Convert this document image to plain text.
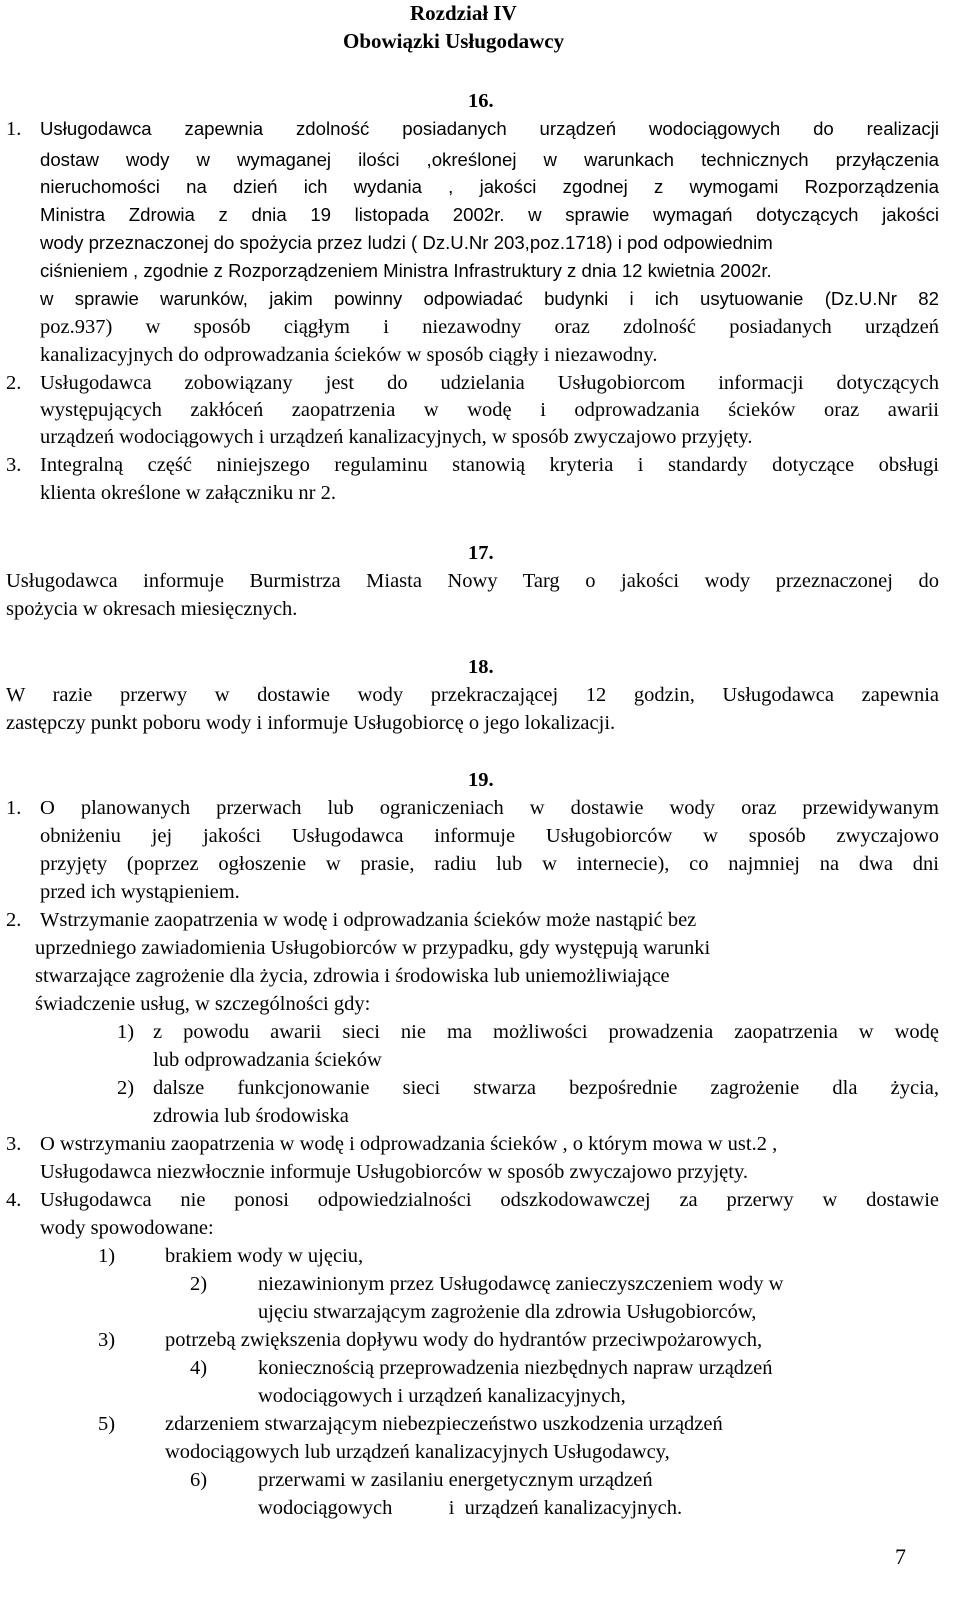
Rozdział IV
Obowiązki Usługodawcy
16.
1. Usługodawca zapewnia zdolność posiadanych urządzeń wodociągowych do realizacji
dostaw wody w wymaganej ilości ,określonej w warunkach technicznych przyłączenia
nieruchomości na dzień ich wydania , jakości zgodnej z wymogami Rozporządzenia
Ministra Zdrowia z dnia 19 listopada 2002r. w sprawie wymagań dotyczących jakości
wody przeznaczonej do spożycia przez ludzi ( Dz.U.Nr 203,poz.1718) i pod odpowiednim
ciśnieniem , zgodnie z Rozporządzeniem Ministra Infrastruktury z dnia 12 kwietnia 2002r.
w sprawie warunków, jakim powinny odpowiadać budynki i ich usytuowanie (Dz.U.Nr 82
poz.937) w sposób ciągłym i niezawodny oraz zdolność posiadanych urządzeń
kanalizacyjnych do odprowadzania ścieków w sposób ciągły i niezawodny.
2. Usługodawca zobowiązany jest do udzielania Usługobiorcom informacji dotyczących
występujących zakłóceń zaopatrzenia w wodę i odprowadzania ścieków oraz awarii
urządzeń wodociągowych i urządzeń kanalizacyjnych, w sposób zwyczajowo przyjęty.
3. Integralną część niniejszego regulaminu stanowią kryteria i standardy dotyczące obsługi
klienta określone w załączniku nr 2.
17.
Usługodawca informuje Burmistrza Miasta Nowy Targ o jakości wody przeznaczonej do
spożycia w okresach miesięcznych.
18.
W razie przerwy w dostawie wody przekraczającej 12 godzin, Usługodawca zapewnia
zastępczy punkt poboru wody i informuje Usługobiorcę o jego lokalizacji.
19.
1. O planowanych przerwach lub ograniczeniach w dostawie wody oraz przewidywanym
obniżeniu jej jakości Usługodawca informuje Usługobiorców w sposób zwyczajowo
przyjęty (poprzez ogłoszenie w prasie, radiu lub w internecie), co najmniej na dwa dni
przed ich wystąpieniem.
2. Wstrzymanie zaopatrzenia w wodę i odprowadzania ścieków może nastąpić bez
uprzedniego zawiadomienia Usługobiorców w przypadku, gdy występują warunki
stwarzające zagrożenie dla życia, zdrowia i środowiska lub uniemożliwiające
świadczenie usług, w szczególności gdy:
1) z powodu awarii sieci nie ma możliwości prowadzenia zaopatrzenia w wodę
lub odprowadzania ścieków
2) dalsze funkcjonowanie sieci stwarza bezpośrednie zagrożenie dla życia,
zdrowia lub środowiska
3. O wstrzymaniu zaopatrzenia w wodę i odprowadzania ścieków , o którym mowa w ust.2 ,
Usługodawca niezwłocznie informuje Usługobiorców w sposób zwyczajowo przyjęty.
4. Usługodawca nie ponosi odpowiedzialności odszkodowawczej za przerwy w dostawie
wody spowodowane:
1) brakiem wody w ujęciu,
2) niezawinionym przez Usługodawcę zanieczyszczeniem wody w
ujęciu stwarzającym zagrożenie dla zdrowia Usługobiorców,
3) potrzebą zwiększenia dopływu wody do hydrantów przeciwpożarowych,
4) koniecznością przeprowadzenia niezbędnych napraw urządzeń
wodociągowych i urządzeń kanalizacyjnych,
5) zdarzeniem stwarzającym niebezpieczeństwo uszkodzenia urządzeń
wodociągowych lub urządzeń kanalizacyjnych Usługodawcy,
6) przerwami w zasilaniu energetycznym urządzeń
wodociągowych           i  urządzeń kanalizacyjnych.
7
